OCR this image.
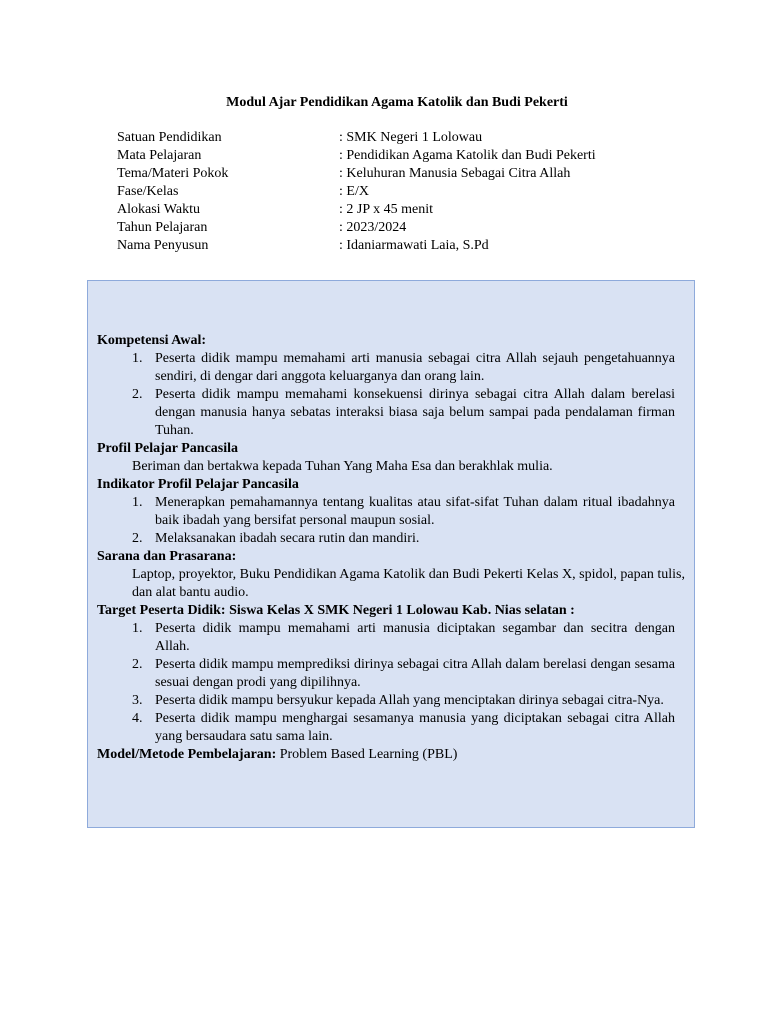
Modul Ajar Pendidikan Agama Katolik dan Budi Pekerti
Satuan Pendidikan	: SMK Negeri 1 Lolowau
Mata Pelajaran	: Pendidikan Agama Katolik dan Budi Pekerti
Tema/Materi Pokok	: Keluhuran Manusia Sebagai Citra Allah
Fase/Kelas	: E/X
Alokasi Waktu	: 2 JP x 45 menit
Tahun Pelajaran	: 2023/2024
Nama Penyusun	: Idaniarmawati Laia, S.Pd

Kompetensi Awal:

1. Peserta didik mampu memahami arti manusia sebagai citra Allah sejauh pengetahuannya sendiri, di dengar dari anggota keluarganya dan orang lain.
2. Peserta didik mampu memahami konsekuensi dirinya sebagai citra Allah dalam berelasi dengan manusia hanya sebatas interaksi biasa saja belum sampai pada pendalaman firman Tuhan.

Profil Pelajar Pancasila

Beriman dan bertakwa kepada Tuhan Yang Maha Esa dan berakhlak mulia.

Indikator Profil Pelajar Pancasila

1. Menerapkan pemahamannya tentang kualitas atau sifat-sifat Tuhan dalam ritual ibadahnya baik ibadah yang bersifat personal maupun sosial.
2. Melaksanakan ibadah secara rutin dan mandiri.

Sarana dan Prasarana:

Laptop, proyektor, Buku Pendidikan Agama Katolik dan Budi Pekerti Kelas X, spidol, papan tulis, dan alat bantu audio.

Target Peserta Didik: Siswa Kelas X SMK Negeri 1 Lolowau Kab. Nias selatan :

1. Peserta didik mampu memahami arti manusia diciptakan segambar dan secitra dengan Allah.
2. Peserta didik mampu memprediksi dirinya sebagai citra Allah dalam berelasi dengan sesama sesuai dengan prodi yang dipilihnya.
3. Peserta didik mampu bersyukur kepada Allah yang menciptakan dirinya sebagai citra-Nya.
4. Peserta didik mampu menghargai sesamanya manusia yang diciptakan sebagai citra Allah yang bersaudara satu sama lain.
Model/Metode Pembelajaran: Problem Based Learning (PBL)
